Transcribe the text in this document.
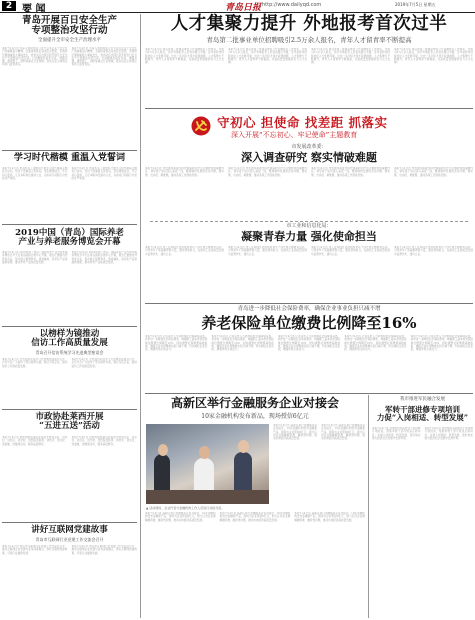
2 要 闻	青岛日报 http://www.dailyqd.com	2019年7月5日 星期五
青岛开展百日安全生产
专项整治攻坚行动
全面提升全市安全生产治理水平
本报7月4日讯 为深入贯彻落实习近平总书记关于安全生产的重要指示精神，全面排查整治各类安全隐患，有效防范遏制重特大事故发生，我市决定自即日起开展百日安全生产专项整治攻坚行动。行动聚焦危险化学品、道路交通、建筑施工、消防等重点行业领域，落实企业主体责任和部门监管责任。
本报7月4日讯 为深入贯彻落实习近平总书记关于安全生产的重要指示精神，全面排查整治各类安全隐患，有效防范遏制重特大事故发生，我市决定自即日起开展百日安全生产专项整治攻坚行动。行动聚焦危险化学品、道路交通、建筑施工、消防等重点行业领域，落实企业主体责任和部门监管责任。
学习时代楷模 重温入党誓词
本报7月4日讯 市直机关工委组织开展学习时代楷模主题党日活动，党员干部重温入党誓词，坚定理想信念，牢记初心使命，立足本职岗位建功立业，以实际行动践行对党的庄严承诺。
本报7月4日讯 市直机关工委组织开展学习时代楷模主题党日活动，党员干部重温入党誓词，坚定理想信念，牢记初心使命，立足本职岗位建功立业，以实际行动践行对党的庄严承诺。
2019中国（青岛）国际养老
产业与养老服务博览会开幕
本报7月4日讯 2019中国（青岛）国际养老产业与养老服务博览会今天在青岛国际会展中心开幕，展会汇聚国内外养老企业，集中展示智慧养老、康复辅具、适老化产品等最新成果，推动养老产业高质量发展。
本报7月4日讯 2019中国（青岛）国际养老产业与养老服务博览会今天在青岛国际会展中心开幕，展会汇聚国内外养老企业，集中展示智慧养老、康复辅具、适老化产品等最新成果，推动养老产业高质量发展。
以榜样为镜推动
信访工作高质量发展
青岛召开信访系统学习先进典型座谈会
本报7月4日讯 全市信访系统学习先进典型座谈会召开，会议号召广大信访干部以榜样为镜，践行为民宗旨，推动信访工作高质量发展。
本报7月4日讯 全市信访系统学习先进典型座谈会召开，会议号召广大信访干部以榜样为镜，践行为民宗旨，推动信访工作高质量发展。
市政协赴莱西开展
“五进五送”活动
本报7月4日讯 市政协组织委员赴莱西开展进企业、进乡村、进社区、进学校、进医院送政策、送技术、送文化、送温暖、送健康活动，服务基层群众。
本报7月4日讯 市政协组织委员赴莱西开展进企业、进乡村、进社区、进学校、进医院送政策、送技术、送文化、送温暖、送健康活动，服务基层群众。
讲好互联网党建故事
青岛市互联网行业党建工作交流会召开
本报7月4日讯 青岛市互联网行业党建工作交流会召开，推动互联网企业党建与业务深度融合，讲好互联网党建故事，引领行业健康发展。
本报7月4日讯 青岛市互联网行业党建工作交流会召开，推动互联网企业党建与业务深度融合，讲好互联网党建故事，引领行业健康发展。
人才集聚力提升 外地报考首次过半
青岛第二批事业单位招聘吸引2.5万余人报名，青年人才留青率不断提高
本报7月4日讯 青岛市第二批事业单位公开招聘报名工作结束，共吸引2.5万余人报名，其中外地报考人员首次超过半数。近年来我市持续优化人才发展环境，出台一系列引才留才政策措施，人才集聚力不断提升，青年人才留青率不断提高，为高质量发展提供有力人才支撑。
本报7月4日讯 青岛市第二批事业单位公开招聘报名工作结束，共吸引2.5万余人报名，其中外地报考人员首次超过半数。近年来我市持续优化人才发展环境，出台一系列引才留才政策措施，人才集聚力不断提升，青年人才留青率不断提高，为高质量发展提供有力人才支撑。
本报7月4日讯 青岛市第二批事业单位公开招聘报名工作结束，共吸引2.5万余人报名，其中外地报考人员首次超过半数。近年来我市持续优化人才发展环境，出台一系列引才留才政策措施，人才集聚力不断提升，青年人才留青率不断提高，为高质量发展提供有力人才支撑。
本报7月4日讯 青岛市第二批事业单位公开招聘报名工作结束，共吸引2.5万余人报名，其中外地报考人员首次超过半数。近年来我市持续优化人才发展环境，出台一系列引才留才政策措施，人才集聚力不断提升，青年人才留青率不断提高，为高质量发展提供有力人才支撑。
守初心 担使命 找差距 抓落实
深入开展“不忘初心、牢记使命”主题教育
市发展改革委：
深入调查研究 察实情破难题
本报7月4日讯 市发展改革委坚持把调查研究作为主题教育的重要内容，领导班子成员深入基层一线，聚焦制约发展的突出问题，察实情、出实招、破难题，推动各项工作落地见效。
本报7月4日讯 市发展改革委坚持把调查研究作为主题教育的重要内容，领导班子成员深入基层一线，聚焦制约发展的突出问题，察实情、出实招、破难题，推动各项工作落地见效。
本报7月4日讯 市发展改革委坚持把调查研究作为主题教育的重要内容，领导班子成员深入基层一线，聚焦制约发展的突出问题，察实情、出实招、破难题，推动各项工作落地见效。
本报7月4日讯 市发展改革委坚持把调查研究作为主题教育的重要内容，领导班子成员深入基层一线，聚焦制约发展的突出问题，察实情、出实招、破难题，推动各项工作落地见效。
市工业和信息化局：
凝聚青春力量 强化使命担当
本报7月4日讯 市工业和信息化局组织青年干部开展主题教育活动，引导青年干部凝聚青春力量，强化使命担当，在推动工业高质量发展中奋勇争先、建功立业。
本报7月4日讯 市工业和信息化局组织青年干部开展主题教育活动，引导青年干部凝聚青春力量，强化使命担当，在推动工业高质量发展中奋勇争先、建功立业。
本报7月4日讯 市工业和信息化局组织青年干部开展主题教育活动，引导青年干部凝聚青春力量，强化使命担当，在推动工业高质量发展中奋勇争先、建功立业。
本报7月4日讯 市工业和信息化局组织青年干部开展主题教育活动，引导青年干部凝聚青春力量，强化使命担当，在推动工业高质量发展中奋勇争先、建功立业。
青岛进一步降低社会保险费率，确保企业事业负担只减不增
养老保险单位缴费比例降至16%
本报7月4日讯 记者从市人力资源和社会保障局获悉，我市进一步降低社会保险费率，城镇职工基本养老保险单位缴费比例降至16%，同时调整社保缴费基数政策，确保企业社保缴费负担只减不增，切实减轻企业负担，增强市场主体活力。
本报7月4日讯 记者从市人力资源和社会保障局获悉，我市进一步降低社会保险费率，城镇职工基本养老保险单位缴费比例降至16%，同时调整社保缴费基数政策，确保企业社保缴费负担只减不增，切实减轻企业负担，增强市场主体活力。
本报7月4日讯 记者从市人力资源和社会保障局获悉，我市进一步降低社会保险费率，城镇职工基本养老保险单位缴费比例降至16%，同时调整社保缴费基数政策，确保企业社保缴费负担只减不增，切实减轻企业负担，增强市场主体活力。
本报7月4日讯 记者从市人力资源和社会保障局获悉，我市进一步降低社会保险费率，城镇职工基本养老保险单位缴费比例降至16%，同时调整社保缴费基数政策，确保企业社保缴费负担只减不增，切实减轻企业负担，增强市场主体活力。
本报7月4日讯 记者从市人力资源和社会保障局获悉，我市进一步降低社会保险费率，城镇职工基本养老保险单位缴费比例降至16%，同时调整社保缴费基数政策，确保企业社保缴费负担只减不增，切实减轻企业负担，增强市场主体活力。
高新区举行金融服务企业对接会
10家金融机构发布新品，现场授信6亿元
▲ 活动现场，企业代表与金融机构工作人员进行对接交流。
本报7月4日讯 高新区举行金融服务企业对接会，10家金融机构发布金融新产品，现场为企业授信6亿元，助力区内企业破解融资难、融资贵问题，推动实体经济高质量发展。
本报7月4日讯 高新区举行金融服务企业对接会，10家金融机构发布金融新产品，现场为企业授信6亿元，助力区内企业破解融资难、融资贵问题，推动实体经济高质量发展。
本报7月4日讯 高新区举行金融服务企业对接会，10家金融机构发布金融新产品，现场为企业授信6亿元，助力区内企业破解融资难、融资贵问题，推动实体经济高质量发展。
本报7月4日讯 高新区举行金融服务企业对接会，10家金融机构发布金融新产品，现场为企业授信6亿元，助力区内企业破解融资难、融资贵问题，推动实体经济高质量发展。
本报7月4日讯 高新区举行金融服务企业对接会，10家金融机构发布金融新产品，现场为企业授信6亿元，助力区内企业破解融资难、融资贵问题，推动实体经济高质量发展。
我市推进军民融合发展
军转干部进修专项培训
力促“入岗相适、转型发展”
本报7月4日讯 我市组织军队转业干部进修专项培训，帮助军转干部尽快适应新岗位，实现入岗相适、转型发展，更好地在地方经济社会发展中发挥作用。
本报7月4日讯 我市组织军队转业干部进修专项培训，帮助军转干部尽快适应新岗位，实现入岗相适、转型发展，更好地在地方经济社会发展中发挥作用。
